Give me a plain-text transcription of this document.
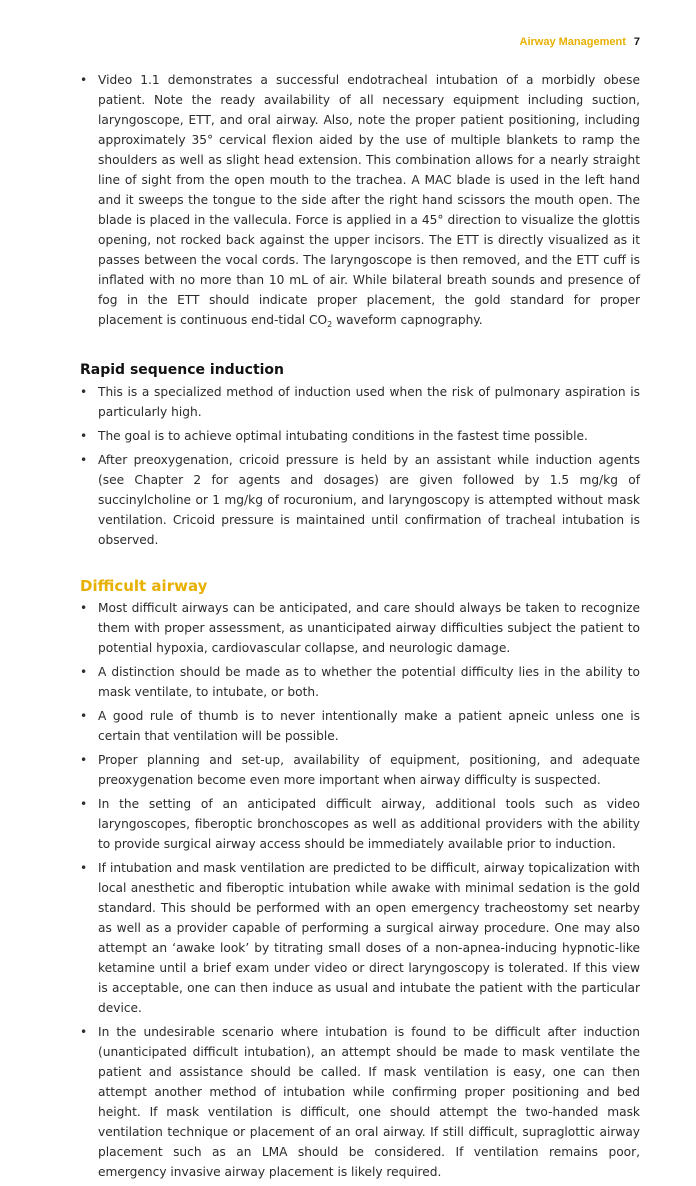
Airway Management 7
• Video 1.1 demonstrates a successful endotracheal intubation of a morbidly obese patient. Note the ready availability of all necessary equipment including suction, laryngoscope, ETT, and oral airway. Also, note the proper patient positioning, including approximately 35° cervical flexion aided by the use of multiple blankets to ramp the shoulders as well as slight head extension. This combination allows for a nearly straight line of sight from the open mouth to the trachea. A MAC blade is used in the left hand and it sweeps the tongue to the side after the right hand scissors the mouth open. The blade is placed in the vallecula. Force is applied in a 45° direction to visualize the glottis opening, not rocked back against the upper incisors. The ETT is directly visualized as it passes between the vocal cords. The laryngoscope is then removed, and the ETT cuff is inflated with no more than 10 mL of air. While bilateral breath sounds and presence of fog in the ETT should indicate proper placement, the gold standard for proper placement is continuous end-tidal $CO_2$ waveform capnography.
Rapid sequence induction
• This is a specialized method of induction used when the risk of pulmonary aspiration is particularly high.
• The goal is to achieve optimal intubating conditions in the fastest time possible.
• After preoxygenation, cricoid pressure is held by an assistant while induction agents (see Chapter 2 for agents and dosages) are given followed by 1.5 mg/kg of succinylcholine or 1 mg/kg of rocuronium, and laryngoscopy is attempted without mask ventilation. Cricoid pressure is maintained until confirmation of tracheal intubation is observed.
Difficult airway
• Most difficult airways can be anticipated, and care should always be taken to recognize them with proper assessment, as unanticipated airway difficulties subject the patient to potential hypoxia, cardiovascular collapse, and neurologic damage.
• A distinction should be made as to whether the potential difficulty lies in the ability to mask ventilate, to intubate, or both.
• A good rule of thumb is to never intentionally make a patient apneic unless one is certain that ventilation will be possible.
• Proper planning and set-up, availability of equipment, positioning, and adequate preoxygenation become even more important when airway difficulty is suspected.
• In the setting of an anticipated difficult airway, additional tools such as video laryngoscopes, fiberoptic bronchoscopes as well as additional providers with the ability to provide surgical airway access should be immediately available prior to induction.
• If intubation and mask ventilation are predicted to be difficult, airway topicalization with local anesthetic and fiberoptic intubation while awake with minimal sedation is the gold standard. This should be performed with an open emergency tracheostomy set nearby as well as a provider capable of performing a surgical airway procedure. One may also attempt an ‘awake look’ by titrating small doses of a non-apnea-inducing hypnotic-like ketamine until a brief exam under video or direct laryngoscopy is tolerated. If this view is acceptable, one can then induce as usual and intubate the patient with the particular device.
• In the undesirable scenario where intubation is found to be difficult after induction (unanticipated difficult intubation), an attempt should be made to mask ventilate the patient and assistance should be called. If mask ventilation is easy, one can then attempt another method of intubation while confirming proper positioning and bed height. If mask ventilation is difficult, one should attempt the two-handed mask ventilation technique or placement of an oral airway. If still difficult, supraglottic airway placement such as an LMA should be considered. If ventilation remains poor, emergency invasive airway placement is likely required.
